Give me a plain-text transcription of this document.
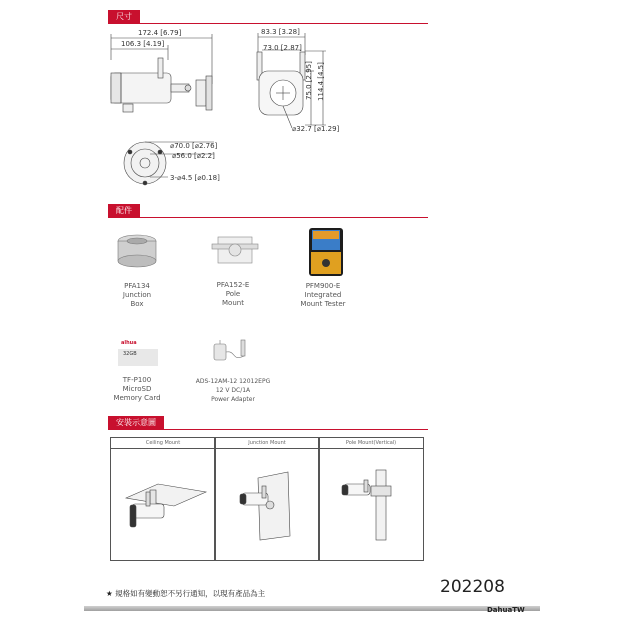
尺寸
172.4 [6.79]
106.3 [4.19]
83.3 [3.28]
73.0 [2.87]
75.0 [2.95] 114.4 [4.5]
⌀32.7 [⌀1.29]
⌀70.0 [⌀2.76]
⌀56.0 [⌀2.2]
3-⌀4.5 [⌀0.18]
配件
alhua
32GB
PFA134
Junction
Box
PFA152-E
Pole
Mount
PFM900-E
Integrated
Mount Tester
TF-P100
MicroSD
Memory Card
ADS-12AM-12 12012EPG
12 V DC/1A
Power Adapter
安裝示意圖
Ceiling Mount	Junction Mount	Pole Mount(Vertical)
★ 規格如有變動恕不另行通知，以現有產品為主	202208
DahuaTW
